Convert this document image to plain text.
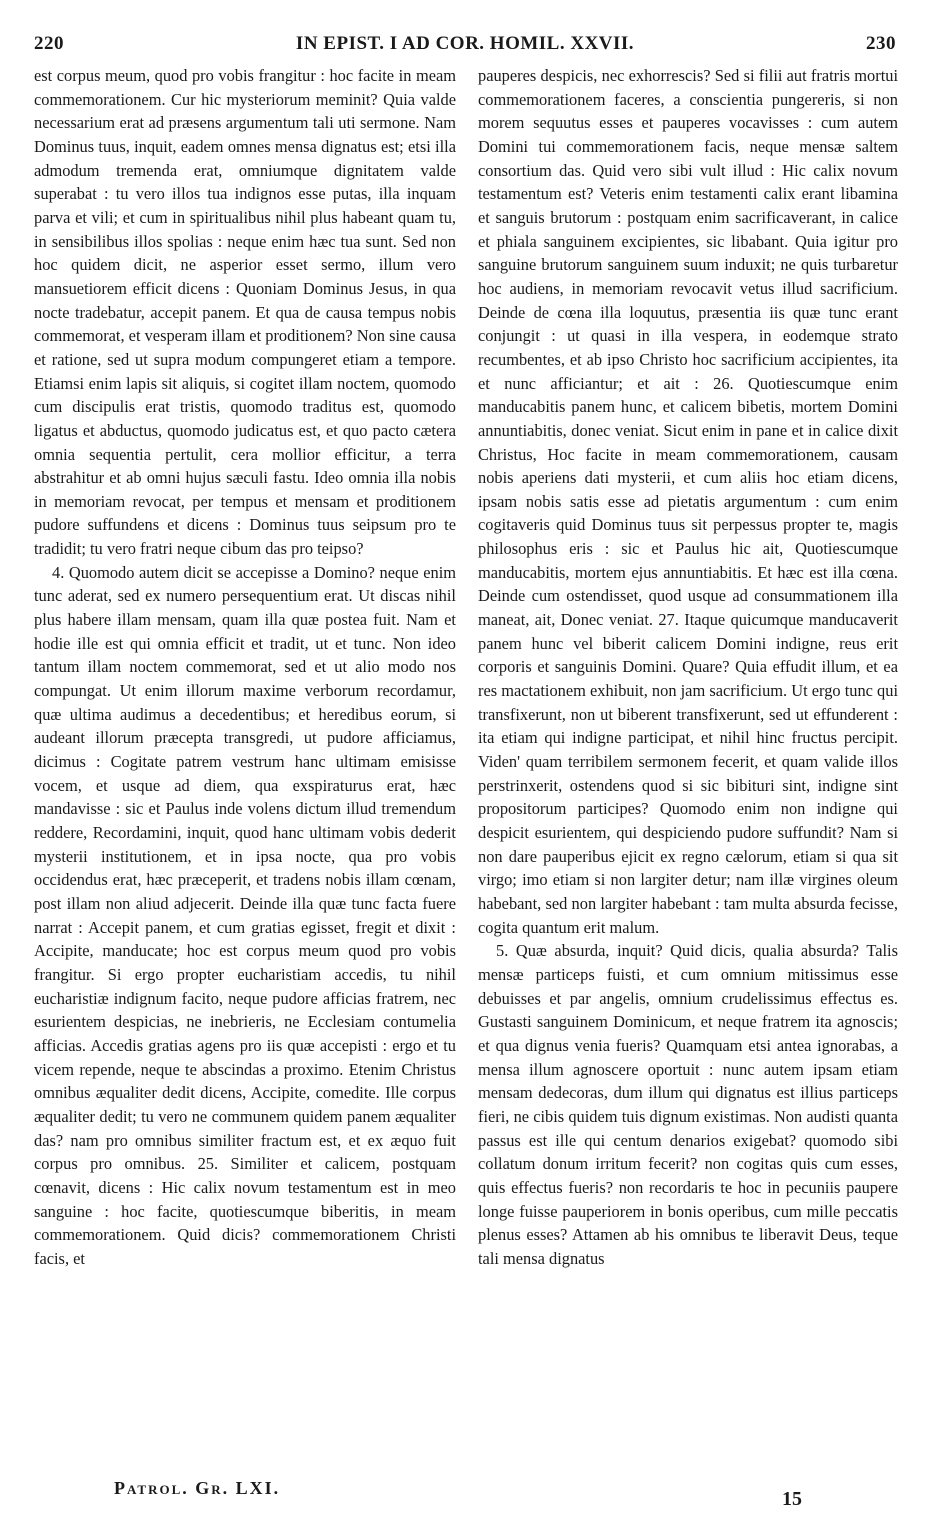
220	IN EPIST. I AD COR. HOMIL. XXVII.	230

est corpus meum, quod pro vobis frangitur : hoc facite in meam commemorationem. Cur hic mysteriorum meminit? Quia valde necessarium erat ad præsens argumentum tali uti sermone. Nam Dominus tuus, inquit, eadem omnes mensa dignatus est; etsi illa admodum tremenda erat, omniumque dignitatem valde superabat : tu vero illos tua indignos esse putas, illa inquam parva et vili; et cum in spiritualibus nihil plus habeant quam tu, in sensibilibus illos spolias : neque enim hæc tua sunt. Sed non hoc quidem dicit, ne asperior esset sermo, illum vero mansuetiorem efficit dicens : Quoniam Dominus Jesus, in qua nocte tradebatur, accepit panem. Et qua de causa tempus nobis commemorat, et vesperam illam et proditionem? Non sine causa et ratione, sed ut supra modum compungeret etiam a tempore. Etiamsi enim lapis sit aliquis, si cogitet illam noctem, quomodo cum discipulis erat tristis, quomodo traditus est, quomodo ligatus et abductus, quomodo judicatus est, et quo pacto cætera omnia sequentia pertulit, cera mollior efficitur, a terra abstrahitur et ab omni hujus sæculi fastu. Ideo omnia illa nobis in memoriam revocat, per tempus et mensam et proditionem pudore suffundens et dicens : Dominus tuus seipsum pro te tradidit; tu vero fratri neque cibum das pro teipso?

4. Quomodo autem dicit se accepisse a Domino? neque enim tunc aderat, sed ex numero persequentium erat. Ut discas nihil plus habere illam mensam, quam illa quæ postea fuit. Nam et hodie ille est qui omnia efficit et tradit, ut et tunc. Non ideo tantum illam noctem commemorat, sed et ut alio modo nos compungat. Ut enim illorum maxime verborum recordamur, quæ ultima audimus a decedentibus; et heredibus eorum, si audeant illorum præcepta transgredi, ut pudore afficiamus, dicimus : Cogitate patrem vestrum hanc ultimam emisisse vocem, et usque ad diem, qua exspiraturus erat, hæc mandavisse : sic et Paulus inde volens dictum illud tremendum reddere, Recordamini, inquit, quod hanc ultimam vobis dederit mysterii institutionem, et in ipsa nocte, qua pro vobis occidendus erat, hæc præceperit, et tradens nobis illam cœnam, post illam non aliud adjecerit. Deinde illa quæ tunc facta fuere narrat : Accepit panem, et cum gratias egisset, fregit et dixit : Accipite, manducate; hoc est corpus meum quod pro vobis frangitur. Si ergo propter eucharistiam accedis, tu nihil eucharistiæ indignum facito, neque pudore afficias fratrem, nec esurientem despicias, ne inebrieris, ne Ecclesiam contumelia afficias. Accedis gratias agens pro iis quæ accepisti : ergo et tu vicem repende, neque te abscindas a proximo. Etenim Christus omnibus æqualiter dedit dicens, Accipite, comedite. Ille corpus æqualiter dedit; tu vero ne communem quidem panem æqualiter das? nam pro omnibus similiter fractum est, et ex æquo fuit corpus pro omnibus. 25. Similiter et calicem, postquam cœnavit, dicens : Hic calix novum testamentum est in meo sanguine : hoc facite, quotiescumque biberitis, in meam commemorationem. Quid dicis? commemorationem Christi facis, et

pauperes despicis, nec exhorrescis? Sed si filii aut fratris mortui commemorationem faceres, a conscientia pungereris, si non morem sequutus esses et pauperes vocavisses : cum autem Domini tui commemorationem facis, neque mensæ saltem consortium das. Quid vero sibi vult illud : Hic calix novum testamentum est? Veteris enim testamenti calix erant libamina et sanguis brutorum : postquam enim sacrificaverant, in calice et phiala sanguinem excipientes, sic libabant. Quia igitur pro sanguine brutorum sanguinem suum induxit; ne quis turbaretur hoc audiens, in memoriam revocavit vetus illud sacrificium. Deinde de cœna illa loquutus, præsentia iis quæ tunc erant conjungit : ut quasi in illa vespera, in eodemque strato recumbentes, et ab ipso Christo hoc sacrificium accipientes, ita et nunc afficiantur; et ait : 26. Quotiescumque enim manducabitis panem hunc, et calicem bibetis, mortem Domini annuntiabitis, donec veniat. Sicut enim in pane et in calice dixit Christus, Hoc facite in meam commemorationem, causam nobis aperiens dati mysterii, et cum aliis hoc etiam dicens, ipsam nobis satis esse ad pietatis argumentum : cum enim cogitaveris quid Dominus tuus sit perpessus propter te, magis philosophus eris : sic et Paulus hic ait, Quotiescumque manducabitis, mortem ejus annuntiabitis. Et hæc est illa cœna. Deinde cum ostendisset, quod usque ad consummationem illa maneat, ait, Donec veniat. 27. Itaque quicumque manducaverit panem hunc vel biberit calicem Domini indigne, reus erit corporis et sanguinis Domini. Quare? Quia effudit illum, et ea res mactationem exhibuit, non jam sacrificium. Ut ergo tunc qui transfixerunt, non ut biberent transfixerunt, sed ut effunderent : ita etiam qui indigne participat, et nihil hinc fructus percipit. Viden' quam terribilem sermonem fecerit, et quam valide illos perstrinxerit, ostendens quod si sic bibituri sint, indigne sint propositorum participes? Quomodo enim non indigne qui despicit esurientem, qui despiciendo pudore suffundit? Nam si non dare pauperibus ejicit ex regno cælorum, etiam si qua sit virgo; imo etiam si non largiter detur; nam illæ virgines oleum habebant, sed non largiter habebant : tam multa absurda fecisse, cogita quantum erit malum.

5. Quæ absurda, inquit? Quid dicis, qualia absurda? Talis mensæ particeps fuisti, et cum omnium mitissimus esse debuisses et par angelis, omnium crudelissimus effectus es. Gustasti sanguinem Dominicum, et neque fratrem ita agnoscis; et qua dignus venia fueris? Quamquam etsi antea ignorabas, a mensa illum agnoscere oportuit : nunc autem ipsam etiam mensam dedecoras, dum illum qui dignatus est illius particeps fieri, ne cibis quidem tuis dignum existimas. Non audisti quanta passus est ille qui centum denarios exigebat? quomodo sibi collatum donum irritum fecerit? non cogitas quis cum esses, quis effectus fueris? non recordaris te hoc in pecuniis paupere longe fuisse pauperiorem in bonis operibus, cum mille peccatis plenus esses? Attamen ab his omnibus te liberavit Deus, teque tali mensa dignatus

Patrol. Gr. LXI.	15
